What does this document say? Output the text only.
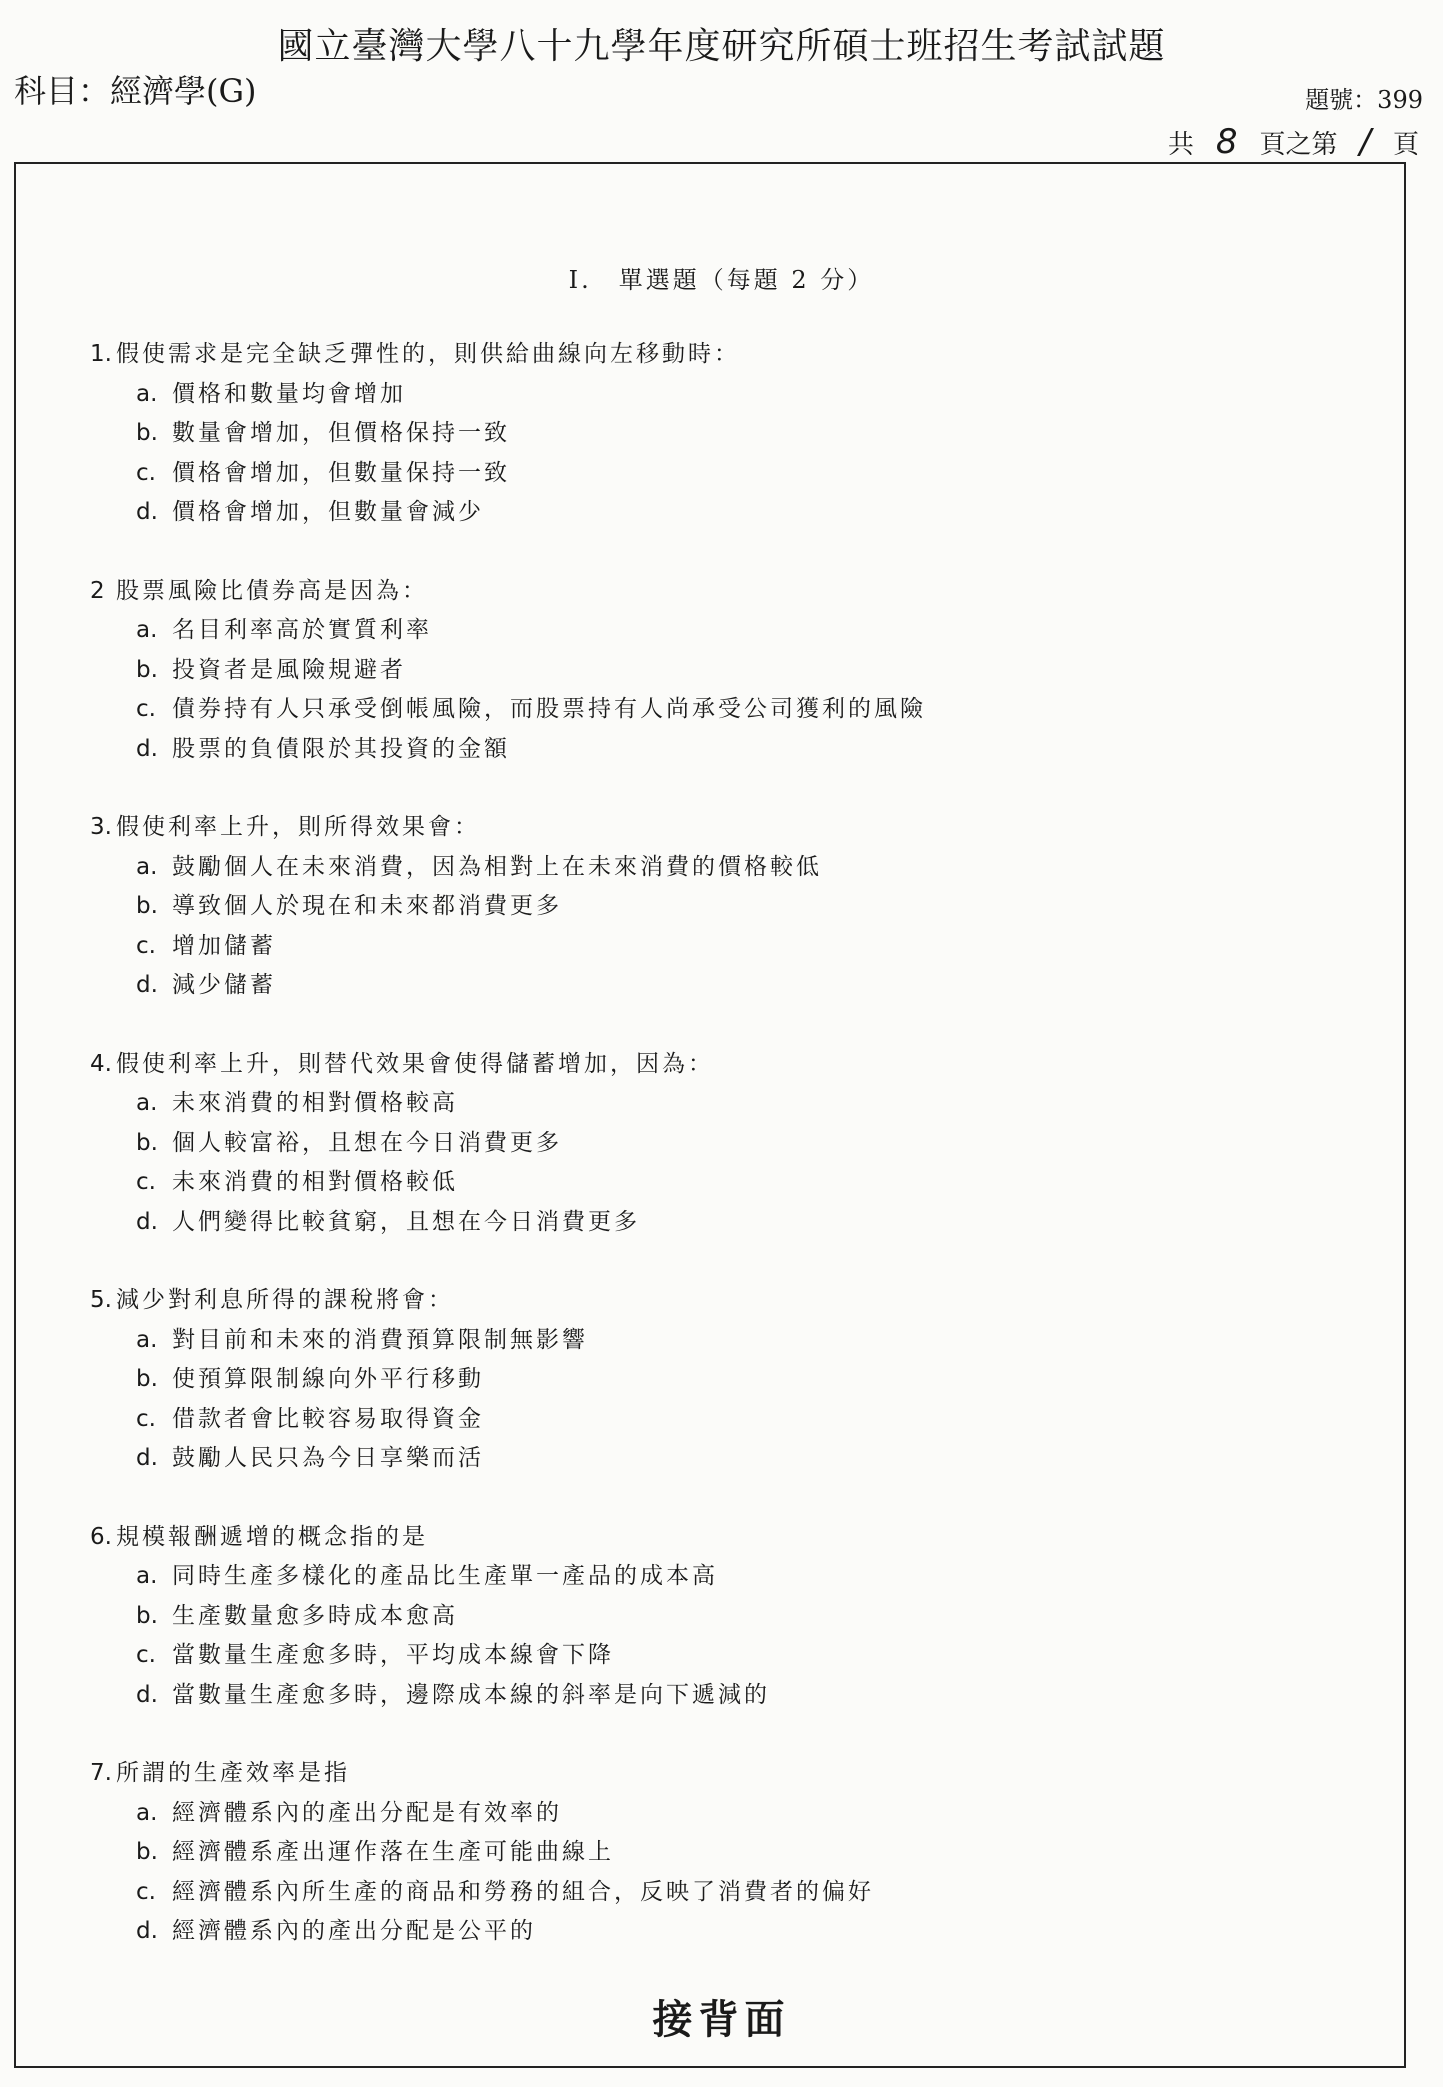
國立臺灣大學八十九學年度研究所碩士班招生考試試題
科目：經濟學(G)	題號：399
共 8 頁之第 / 頁
I.　單選題（每題 2 分）
1. 假使需求是完全缺乏彈性的，則供給曲線向左移動時：
a. 價格和數量均會增加
b. 數量會增加，但價格保持一致
c. 價格會增加，但數量保持一致
d. 價格會增加，但數量會減少
2 股票風險比債券高是因為：
a. 名目利率高於實質利率
b. 投資者是風險規避者
c. 債券持有人只承受倒帳風險，而股票持有人尚承受公司獲利的風險
d. 股票的負債限於其投資的金額
3. 假使利率上升，則所得效果會：
a. 鼓勵個人在未來消費，因為相對上在未來消費的價格較低
b. 導致個人於現在和未來都消費更多
c. 增加儲蓄
d. 減少儲蓄
4. 假使利率上升，則替代效果會使得儲蓄增加，因為：
a. 未來消費的相對價格較高
b. 個人較富裕，且想在今日消費更多
c. 未來消費的相對價格較低
d. 人們變得比較貧窮，且想在今日消費更多
5. 減少對利息所得的課稅將會：
a. 對目前和未來的消費預算限制無影響
b. 使預算限制線向外平行移動
c. 借款者會比較容易取得資金
d. 鼓勵人民只為今日享樂而活
6. 規模報酬遞增的概念指的是
a. 同時生產多樣化的產品比生產單一產品的成本高
b. 生產數量愈多時成本愈高
c. 當數量生產愈多時，平均成本線會下降
d. 當數量生產愈多時，邊際成本線的斜率是向下遞減的
7. 所謂的生產效率是指
a. 經濟體系內的產出分配是有效率的
b. 經濟體系產出運作落在生產可能曲線上
c. 經濟體系內所生產的商品和勞務的組合，反映了消費者的偏好
d. 經濟體系內的產出分配是公平的
接背面
